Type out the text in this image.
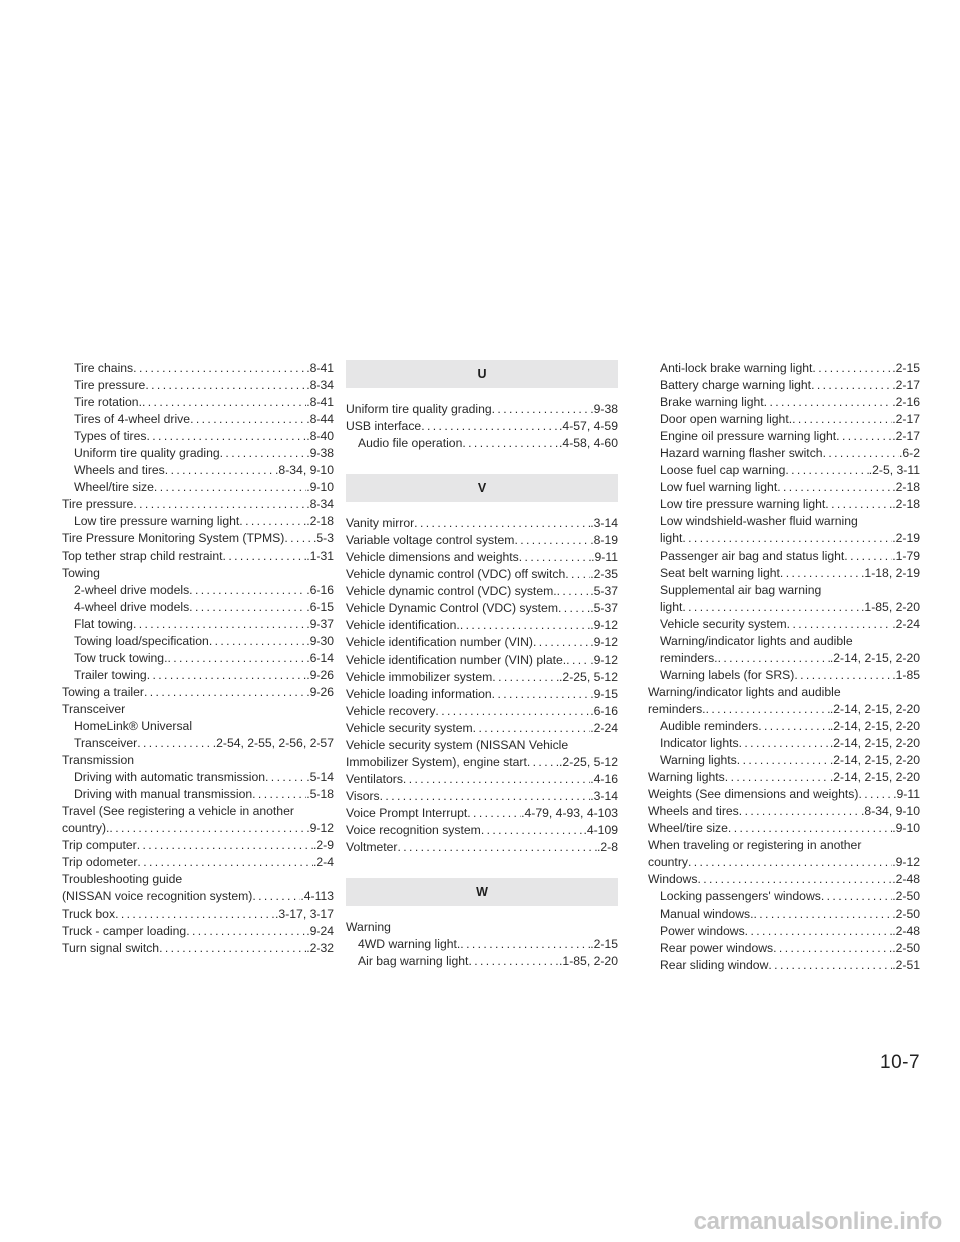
Tire chains .....	.8-41
Tire pressure .....	.8-34
Tire rotation. .....	.8-41
Tires of 4-wheel drive .....	.8-44
Types of tires .....	.8-40
Uniform tire quality grading .....	.9-38
Wheels and tires .....	.8-34, 9-10
Wheel/tire size .....	.9-10
Tire pressure .....	.8-34
Low tire pressure warning light .....	.2-18
Tire Pressure Monitoring System (TPMS) ..... .5-3
Top tether strap child restraint .....	.1-31
Towing
2-wheel drive models .....	.6-16
4-wheel drive models .....	.6-15
Flat towing .....	.9-37
Towing load/specification .....	.9-30
Tow truck towing. .....	.6-14
Trailer towing .....	.9-26
Towing a trailer .....	.9-26
Transceiver
HomeLink® Universal
Transceiver .....	.2-54, 2-55, 2-56, 2-57
Transmission
Driving with automatic transmission .....	.5-14
Driving with manual transmission .....	.5-18
Travel (See registering a vehicle in another
country). .....	.9-12
Trip computer .....	.2-9
Trip odometer .....	.2-4
Troubleshooting guide
(NISSAN voice recognition system) .....	.4-113
Truck box .....	.3-17, 3-17
Truck - camper loading .....	.9-24
Turn signal switch .....	.2-32
U
Uniform tire quality grading .....	.9-38
USB interface .....	.4-57, 4-59
Audio file operation .....	.4-58, 4-60
V
Vanity mirror .....	.3-14
Variable voltage control system .....	.8-19
Vehicle dimensions and weights .....	.9-11
Vehicle dynamic control (VDC) off switch ..... .2-35
Vehicle dynamic control (VDC) system. .....	.5-37
Vehicle Dynamic Control (VDC) system .....	.5-37
Vehicle identification. .....	.9-12
Vehicle identification number (VIN) .....	.9-12
Vehicle identification number (VIN) plate. ..... .9-12
Vehicle immobilizer system .....	.2-25, 5-12
Vehicle loading information .....	.9-15
Vehicle recovery .....	.6-16
Vehicle security system .....	.2-24
Vehicle security system (NISSAN Vehicle
Immobilizer System), engine start .....	.2-25, 5-12
Ventilators .....	.4-16
Visors .....	.3-14
Voice Prompt Interrupt .....	.4-79, 4-93, 4-103
Voice recognition system .....	.4-109
Voltmeter .....	.2-8
W
Warning
4WD warning light. .....	.2-15
Air bag warning light .....	.1-85, 2-20
Anti-lock brake warning light .....	.2-15
Battery charge warning light .....	.2-17
Brake warning light .....	.2-16
Door open warning light. .....	.2-17
Engine oil pressure warning light .....	.2-17
Hazard warning flasher switch .....	.6-2
Loose fuel cap warning .....	.2-5, 3-11
Low fuel warning light .....	.2-18
Low tire pressure warning light .....	.2-18
Low windshield-washer fluid warning
light .....	.2-19
Passenger air bag and status light .....	.1-79
Seat belt warning light .....	.1-18, 2-19
Supplemental air bag warning
light .....	.1-85, 2-20
Vehicle security system .....	.2-24
Warning/indicator lights and audible
reminders. .....	.2-14, 2-15, 2-20
Warning labels (for SRS) .....	.1-85
Warning/indicator lights and audible
reminders. .....	.2-14, 2-15, 2-20
Audible reminders .....	.2-14, 2-15, 2-20
Indicator lights .....	.2-14, 2-15, 2-20
Warning lights .....	.2-14, 2-15, 2-20
Warning lights .....	.2-14, 2-15, 2-20
Weights (See dimensions and weights) .....	.9-11
Wheels and tires .....	.8-34, 9-10
Wheel/tire size .....	.9-10
When traveling or registering in another
country .....	.9-12
Windows .....	.2-48
Locking passengers' windows .....	.2-50
Manual windows. .....	.2-50
Power windows .....	.2-48
Rear power windows .....	.2-50
Rear sliding window .....	.2-51
10-7
carmanualsonline.info
